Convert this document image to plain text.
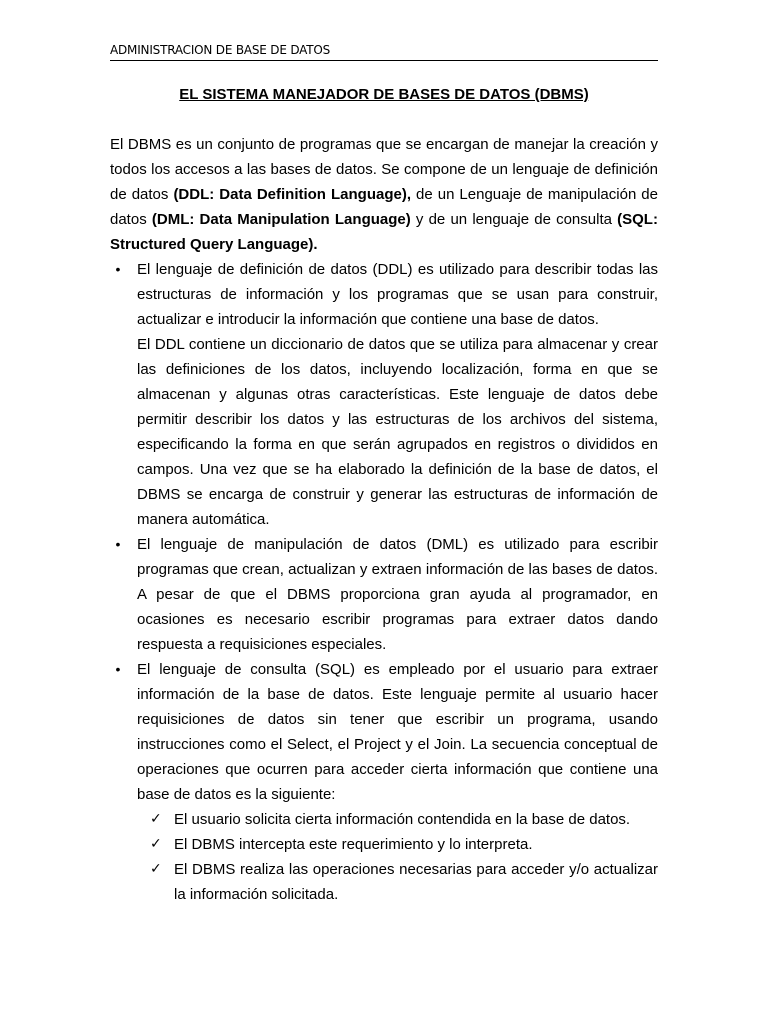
ADMINISTRACION DE BASE DE DATOS
EL SISTEMA MANEJADOR DE BASES DE DATOS (DBMS)

El DBMS es un conjunto de programas que se encargan de manejar la creación y todos los accesos a las bases de datos. Se compone de un lenguaje de definición de datos (DDL: Data Definition Language), de un Lenguaje de manipulación de datos (DML: Data Manipulation Language) y de un lenguaje de consulta (SQL: Structured Query Language).

• El lenguaje de definición de datos (DDL) es utilizado para describir todas las estructuras de información y los programas que se usan para construir, actualizar e introducir la información que contiene una base de datos.

El DDL contiene un diccionario de datos que se utiliza para almacenar y crear las definiciones de los datos, incluyendo localización, forma en que se almacenan y algunas otras características. Este lenguaje de datos debe permitir describir los datos y las estructuras de los archivos del sistema, especificando la forma en que serán agrupados en registros o divididos en campos. Una vez que se ha elaborado la definición de la base de datos, el DBMS se encarga de construir y generar las estructuras de información de manera automática.

• El lenguaje de manipulación de datos (DML) es utilizado para escribir programas que crean, actualizan y extraen información de las bases de datos. A pesar de que el DBMS proporciona gran ayuda al programador, en ocasiones es necesario escribir programas para extraer datos dando respuesta a requisiciones especiales.

• El lenguaje de consulta (SQL) es empleado por el usuario para extraer información de la base de datos. Este lenguaje permite al usuario hacer requisiciones de datos sin tener que escribir un programa, usando instrucciones como el Select, el Project y el Join. La secuencia conceptual de operaciones que ocurren para acceder cierta información que contiene una base de datos es la siguiente:

✓ El usuario solicita cierta información contendida en la base de datos.

✓ El DBMS intercepta este requerimiento y lo interpreta.

✓ El DBMS realiza las operaciones necesarias para acceder y/o actualizar la información solicitada.
